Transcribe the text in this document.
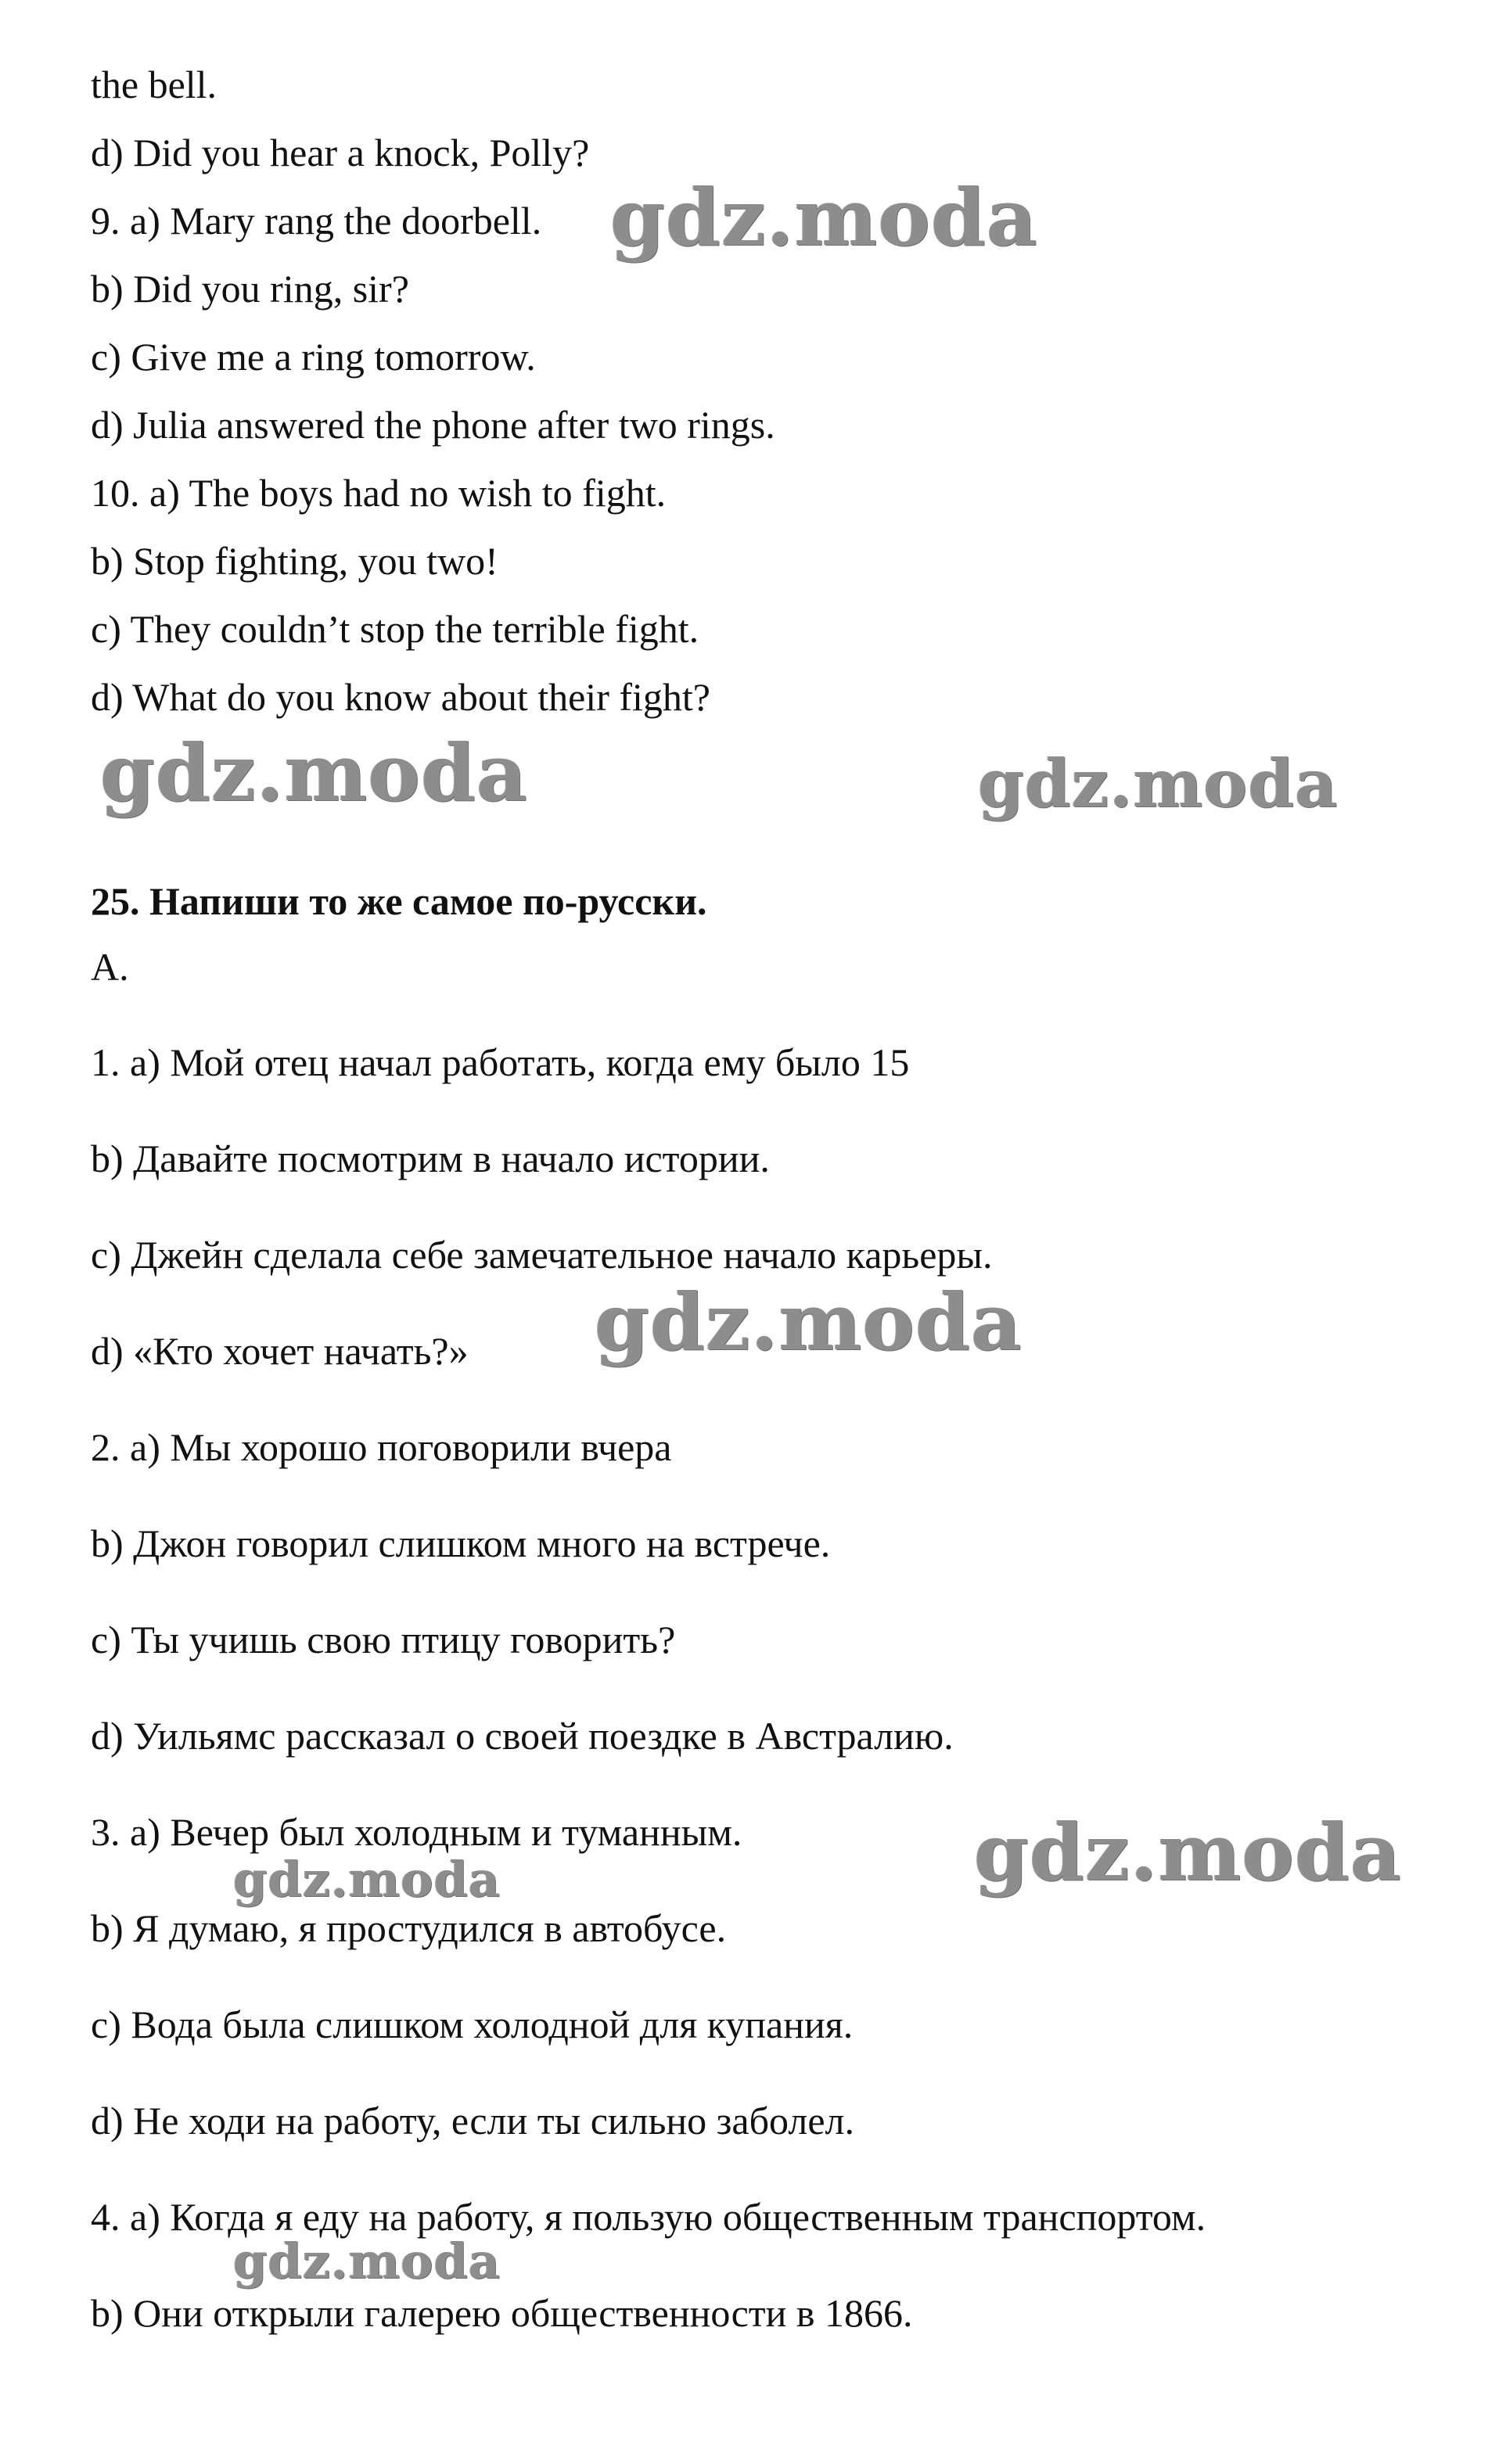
the bell.
d) Did you hear a knock, Polly?
9. a) Mary rang the doorbell.
b) Did you ring, sir?
c) Give me a ring tomorrow.
d) Julia answered the phone after two rings.
10. a) The boys had no wish to fight.
b) Stop fighting, you two!
c) They couldn’t stop the terrible fight.
d) What do you know about their fight?
25. Напиши то же самое по-русски.
A.
1. a) Мой отец начал работать, когда ему было 15
b) Давайте посмотрим в начало истории.
c) Джейн сделала себе замечательное начало карьеры.
d) «Кто хочет начать?»
2. a) Мы хорошо поговорили вчера
b) Джон говорил слишком много на встрече.
c) Ты учишь свою птицу говорить?
d) Уильямс рассказал о своей поездке в Австралию.
3. a) Вечер был холодным и туманным.
b) Я думаю, я простудился в автобусе.
c) Вода была слишком холодной для купания.
d) Не ходи на работу, если ты сильно заболел.
4. a) Когда я еду на работу, я пользую общественным транспортом.
b) Они открыли галерею общественности в 1866.
gdz.moda
gdz.moda	gdz.moda
gdz.moda
gdz.moda
gdz.moda
gdz.moda
